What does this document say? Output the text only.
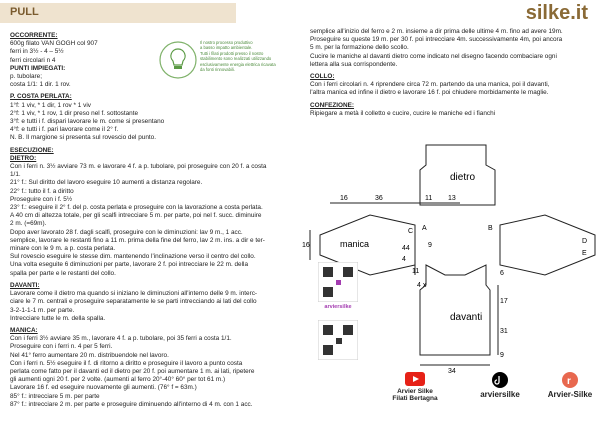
PULL	silke.it

OCCORRENTE:

600g filato VAN GOGH col 907

ferri in 3½ - 4 – 5½

ferri circolari n 4

PUNTI IMPIEGATI:

p. tubolare;

costa 1/1: 1 dir. 1 rov.

P. COSTA PERLATA:

1°f: 1 viv, * 1 dir, 1 rov * 1 viv

2°f: 1 viv, * 1 rov, 1 dir preso nel f. sottostante

3°f: e tutti i f. dispari lavorare le m. come si presentano

4°f: e tutti i f. pari lavorare come il 2° f.

N. B. Il margione si presenta sul rovescio del punto.

ESECUZIONE:

DIETRO:

Con i ferri n. 3½ avviare 73 m. e lavorare 4 f. a p. tubolare, poi proseguire con 20 f. a costa

1/1.

21° f.: Sul diritto del lavoro eseguire 10 aumenti a distanza regolare.

22° f.: tutto il f. a diritto

Proseguire con i f. 5½

23° f.: eseguire il 2° f. del p. costa perlata e proseguire con la lavorazione a costa perlata.

A 40 cm di altezza totale, per gli scalfi intrecciare 5 m. per parte, poi nel f. succ. diminuire

2 m. (=69m).

Dopo aver lavorato 28 f. dagli scalfi, proseguire con le diminuzioni: lav 9 m., 1 acc.

semplice, lavorare le restanti fino a 11 m. prima della fine del ferro, lav 2 m. ins. a dir e ter-

minare con le 9 m. a p. costa perlata.

Sul rovescio eseguire le stesse dim. mantenendo l'inclinazione verso il centro del collo.

Una volta eseguite 6 diminuzioni per parte, lavorare 2 f. poi intrecciare le 22 m. della

spalla per parte e le restanti del collo.

DAVANTI:

Lavorare come il dietro ma quando si iniziano le diminuzioni all'interno delle 9 m. interc-

ciare le 7 m. centrali e proseguire separatamente le se parti intrecciando ai lati del collo

3-2-1-1-1 m. per parte.

Intrecciare tutte le m. della spalla.

MANICA:

Con i ferri 3½ avviare 35 m., lavorare 4 f. a p. tubolare, poi 35 ferri a costa 1/1.

Proseguire con i ferri n. 4 per 5 ferri.

Nel 41° ferro aumentare 20 m. distribuendole nel lavoro.

Con i ferri n. 5½ eseguire il f. di ritorno a diritto e proseguire il lavoro a punto costa

perlata come fatto per il davanti ed il dietro per 20 f. poi aumentare 1 m. ai lati, ripetere

gli aumenti ogni 20 f. per 2 volte. (aumenti al ferro 20°-40° 60° per tot 61 m.)

Lavorare 16 f. ed eseguire nuovamente gli aumenti. (76° f = 63m.)

85° f.: intrecciare 5 m. per parte

87° f.: intrecciare 2 m. per parte e proseguire diminuendo all'interno di 4 m. con 1 acc.

Il nostro processo produttivo
a basso impatto ambientale.
Tutti i filati prodotti presso il nostro
stabilimento sono realizzati utilizzando
esclusivamente energia elettrica ricavata
da fonti rinnovabili.

semplice all'inizio del ferro e 2 m. insieme a dir prima delle ultime 4 m. fino ad avere 19m.

Proseguire su queste 19 m. per 30 f. poi intrecciare 4m. successivamente 4m, poi ancora

5 m. per la formazione dello scollo.

Cucire le maniche al davanti dietro come indicato nel disegno facendo combaciare ogni

lettera alla sua corrispondente.

COLLO:

Con i ferri circolari n. 4 riprendere circa 72 m. partendo da una manica, poi il davanti,

l'altra manica ed infine il dietro e lavorare 16 f. poi chiudere morbidamente le maglie.

CONFEZIONE:

Ripiegare a metà il colletto e cucire, cucire le maniche ed i fianchi

dietro
davanti
manica
16	36	11 13
16	44
6
17
31
9
11
4
9
34
4 x
A	B
C
D
E
arviersilke
Arvier Silke
Filati Bertagna	arviersilke
r
Arvier-Silke
